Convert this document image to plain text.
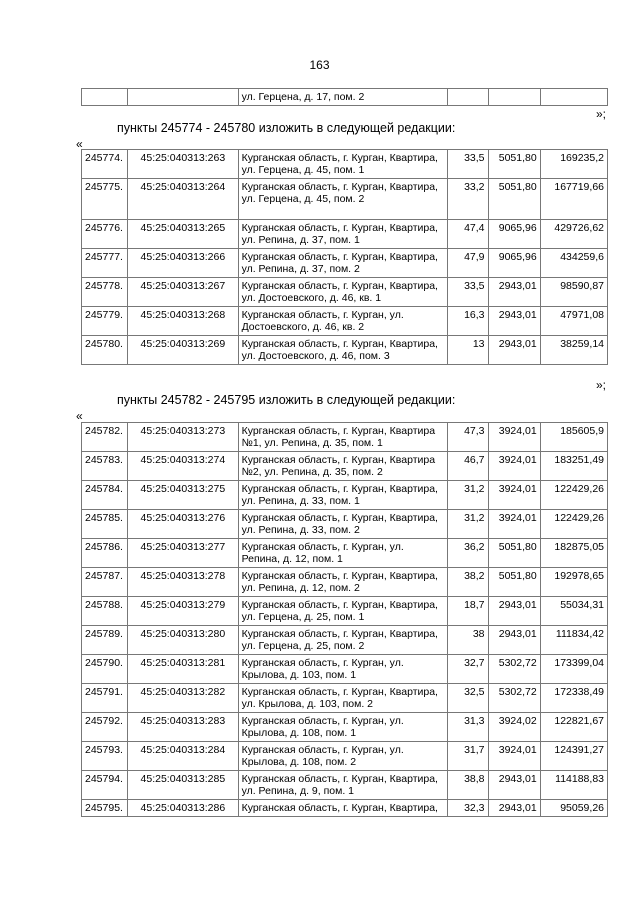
163
		ул. Герцена, д. 17, пом. 2			
»;
пункты 245774 - 245780 изложить в следующей редакции:
«
245774.	45:25:040313:263	Курганская область, г. Курган, Квартира, ул. Герцена, д. 45, пом. 1	33,5	5051,80	169235,2
245775.	45:25:040313:264	Курганская область, г. Курган, Квартира, ул. Герцена, д. 45, пом. 2	33,2	5051,80	167719,66
245776.	45:25:040313:265	Курганская область, г. Курган, Квартира, ул. Репина, д. 37, пом. 1	47,4	9065,96	429726,62
245777.	45:25:040313:266	Курганская область, г. Курган, Квартира, ул. Репина, д. 37, пом. 2	47,9	9065,96	434259,6
245778.	45:25:040313:267	Курганская область, г. Курган, Квартира, ул. Достоевского, д. 46, кв. 1	33,5	2943,01	98590,87
245779.	45:25:040313:268	Курганская область, г. Курган, ул. Достоевского, д. 46, кв. 2	16,3	2943,01	47971,08
245780.	45:25:040313:269	Курганская область, г. Курган, Квартира, ул. Достоевского, д. 46, пом. 3	13	2943,01	38259,14
»;
пункты 245782 - 245795 изложить в следующей редакции:
«
245782.	45:25:040313:273	Курганская область, г. Курган, Квартира №1, ул. Репина, д. 35, пом. 1	47,3	3924,01	185605,9
245783.	45:25:040313:274	Курганская область, г. Курган, Квартира №2, ул. Репина, д. 35, пом. 2	46,7	3924,01	183251,49
245784.	45:25:040313:275	Курганская область, г. Курган, Квартира, ул. Репина, д. 33, пом. 1	31,2	3924,01	122429,26
245785.	45:25:040313:276	Курганская область, г. Курган, Квартира, ул. Репина, д. 33, пом. 2	31,2	3924,01	122429,26
245786.	45:25:040313:277	Курганская область, г. Курган, ул. Репина, д. 12, пом. 1	36,2	5051,80	182875,05
245787.	45:25:040313:278	Курганская область, г. Курган, Квартира, ул. Репина, д. 12, пом. 2	38,2	5051,80	192978,65
245788.	45:25:040313:279	Курганская область, г. Курган, Квартира, ул. Герцена, д. 25, пом. 1	18,7	2943,01	55034,31
245789.	45:25:040313:280	Курганская область, г. Курган, Квартира, ул. Герцена, д. 25, пом. 2	38	2943,01	111834,42
245790.	45:25:040313:281	Курганская область, г. Курган, ул. Крылова, д. 103, пом. 1	32,7	5302,72	173399,04
245791.	45:25:040313:282	Курганская область, г. Курган, Квартира, ул. Крылова, д. 103, пом. 2	32,5	5302,72	172338,49
245792.	45:25:040313:283	Курганская область, г. Курган, ул. Крылова, д. 108, пом. 1	31,3	3924,02	122821,67
245793.	45:25:040313:284	Курганская область, г. Курган, ул. Крылова, д. 108, пом. 2	31,7	3924,01	124391,27
245794.	45:25:040313:285	Курганская область, г. Курган, Квартира, ул. Репина, д. 9, пом. 1	38,8	2943,01	114188,83
245795.	45:25:040313:286	Курганская область, г. Курган, Квартира,	32,3	2943,01	95059,26
